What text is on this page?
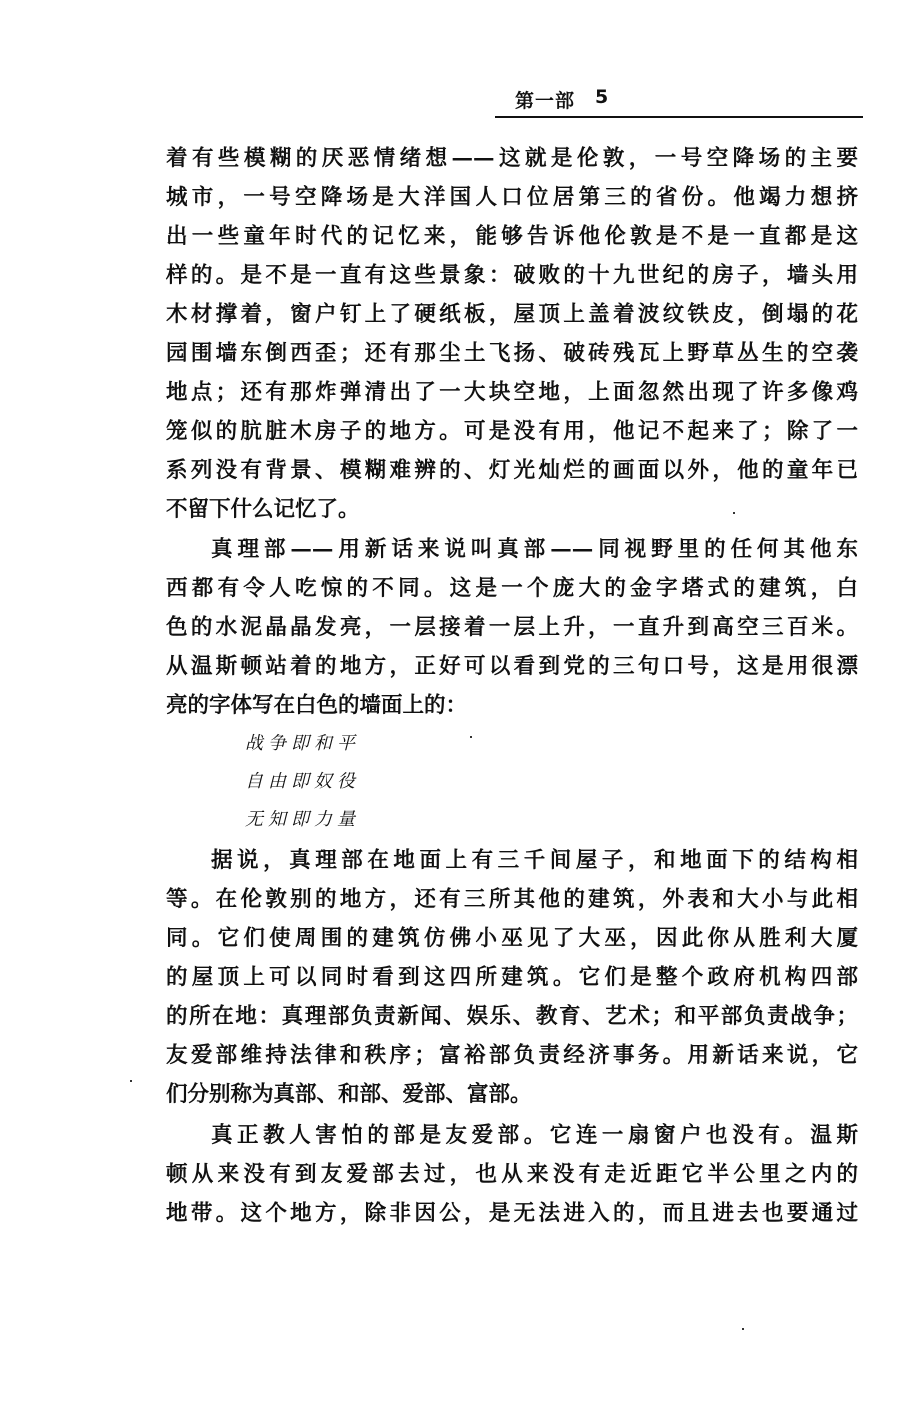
第一部 5
着有些模糊的厌恶情绪想——这就是伦敦，一号空降场的主要
城市，一号空降场是大洋国人口位居第三的省份。他竭力想挤
出一些童年时代的记忆来，能够告诉他伦敦是不是一直都是这
样的。是不是一直有这些景象：破败的十九世纪的房子，墙头用
木材撑着，窗户钉上了硬纸板，屋顶上盖着波纹铁皮，倒塌的花
园围墙东倒西歪；还有那尘土飞扬、破砖残瓦上野草丛生的空袭
地点；还有那炸弹清出了一大块空地，上面忽然出现了许多像鸡
笼似的肮脏木房子的地方。可是没有用，他记不起来了；除了一
系列没有背景、模糊难辨的、灯光灿烂的画面以外，他的童年已
不留下什么记忆了。
真理部——用新话来说叫真部——同视野里的任何其他东
西都有令人吃惊的不同。这是一个庞大的金字塔式的建筑，白
色的水泥晶晶发亮，一层接着一层上升，一直升到高空三百米。
从温斯顿站着的地方，正好可以看到党的三句口号，这是用很漂
亮的字体写在白色的墙面上的：
战争即和平
自由即奴役
无知即力量
据说，真理部在地面上有三千间屋子，和地面下的结构相
等。在伦敦别的地方，还有三所其他的建筑，外表和大小与此相
同。它们使周围的建筑仿佛小巫见了大巫，因此你从胜利大厦
的屋顶上可以同时看到这四所建筑。它们是整个政府机构四部
的所在地：真理部负责新闻、娱乐、教育、艺术；和平部负责战争；
友爱部维持法律和秩序；富裕部负责经济事务。用新话来说，它
们分别称为真部、和部、爱部、富部。
真正教人害怕的部是友爱部。它连一扇窗户也没有。温斯
顿从来没有到友爱部去过，也从来没有走近距它半公里之内的
地带。这个地方，除非因公，是无法进入的，而且进去也要通过
